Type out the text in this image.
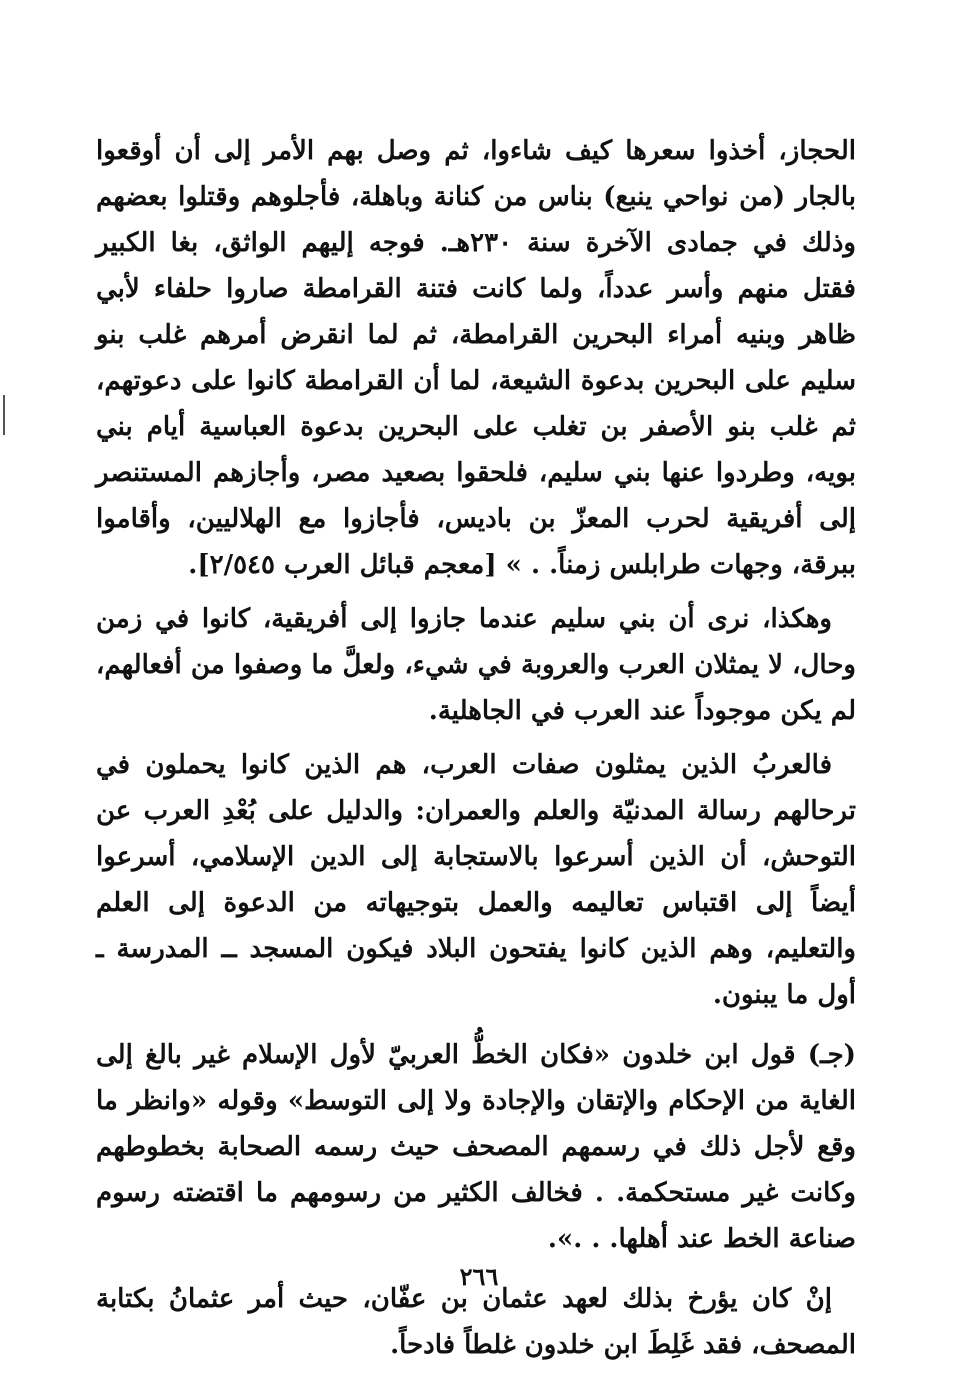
الحجاز، أخذوا سعرها كيف شاءوا، ثم وصل بهم الأمر إلى أن أوقعوا بالجار (من نواحي ينبع) بناس من كنانة وباهلة، فأجلوهم وقتلوا بعضهم وذلك في جمادى الآخرة سنة ٢٣٠هـ. فوجه إليهم الواثق، بغا الكبير فقتل منهم وأسر عدداً، ولما كانت فتنة القرامطة صاروا حلفاء لأبي ظاهر وبنيه أمراء البحرين القرامطة، ثم لما انقرض أمرهم غلب بنو سليم على البحرين بدعوة الشيعة، لما أن القرامطة كانوا على دعوتهم، ثم غلب بنو الأصفر بن تغلب على البحرين بدعوة العباسية أيام بني بويه، وطردوا عنها بني سليم، فلحقوا بصعيد مصر، وأجازهم المستنصر إلى أفريقية لحرب المعزّ بن باديس، فأجازوا مع الهلاليين، وأقاموا ببرقة، وجهات طرابلس زمناً. . » [معجم قبائل العرب ٢/٥٤٥].

وهكذا، نرى أن بني سليم عندما جازوا إلى أفريقية، كانوا في زمن وحال، لا يمثلان العرب والعروبة في شيء، ولعلَّ ما وصفوا من أفعالهم، لم يكن موجوداً عند العرب في الجاهلية.

فالعربُ الذين يمثلون صفات العرب، هم الذين كانوا يحملون في ترحالهم رسالة المدنيّة والعلم والعمران: والدليل على بُعْدِ العرب عن التوحش، أن الذين أسرعوا بالاستجابة إلى الدين الإسلامي، أسرعوا أيضاً إلى اقتباس تعاليمه والعمل بتوجيهاته من الدعوة إلى العلم والتعليم، وهم الذين كانوا يفتحون البلاد فيكون المسجد ــ المدرسة ـ أول ما يبنون.

(جـ) قول ابن خلدون «فكان الخطُّ العربيّ لأول الإسلام غير بالغ إلى الغاية من الإحكام والإتقان والإجادة ولا إلى التوسط» وقوله «وانظر ما وقع لأجل ذلك في رسمهم المصحف حيث رسمه الصحابة بخطوطهم وكانت غير مستحكمة. . فخالف الكثير من رسومهم ما اقتضته رسوم صناعة الخط عند أهلها. . .».

إنْ كان يؤرخ بذلك لعهد عثمان بن عفّان، حيث أمر عثمانُ بكتابة المصحف، فقد غَلِطَ ابن خلدون غلطاً فادحاً.

٢٦٦
